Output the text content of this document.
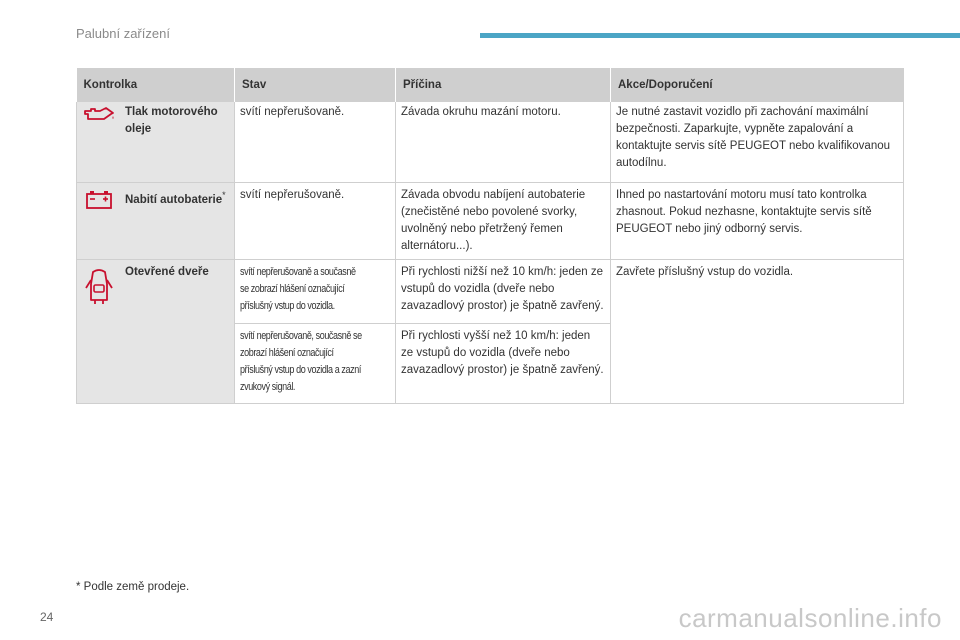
Palubní zařízení
Kontrolka		Stav	Příčina	Akce/Doporučení

	Tlak motorového oleje	svítí nepřerušovaně.	Závada okruhu mazání motoru.	Je nutné zastavit vozidlo při zachování maximální bezpečnosti. Zaparkujte, vypněte zapalování a kontaktujte servis sítě PEUGEOT nebo kvalifikovanou autodílnu.

	Nabití autobaterie*	svítí nepřerušovaně.	Závada obvodu nabíjení autobaterie (znečistěné nebo povolené svorky, uvolněný nebo přetržený řemen alternátoru...).	Ihned po nastartování motoru musí tato kontrolka zhasnout. Pokud nezhasne, kontaktujte servis sítě PEUGEOT nebo jiný odborný servis.

	Otevřené dveře	svítí nepřerušovaně a současně se zobrazí hlášení označující příslušný vstup do vozidla.	Při rychlosti nižší než 10 km/h: jeden ze vstupů do vozidla (dveře nebo zavazadlový prostor) je špatně zavřený.	Zavřete příslušný vstup do vozidla.
		svítí nepřerušovaně, současně se zobrazí hlášení označující příslušný vstup do vozidla a zazní zvukový signál.	Při rychlosti vyšší než 10 km/h: jeden ze vstupů do vozidla (dveře nebo zavazadlový prostor) je špatně zavřený.	
* Podle země prodeje.
24	carmanualsonline.info
